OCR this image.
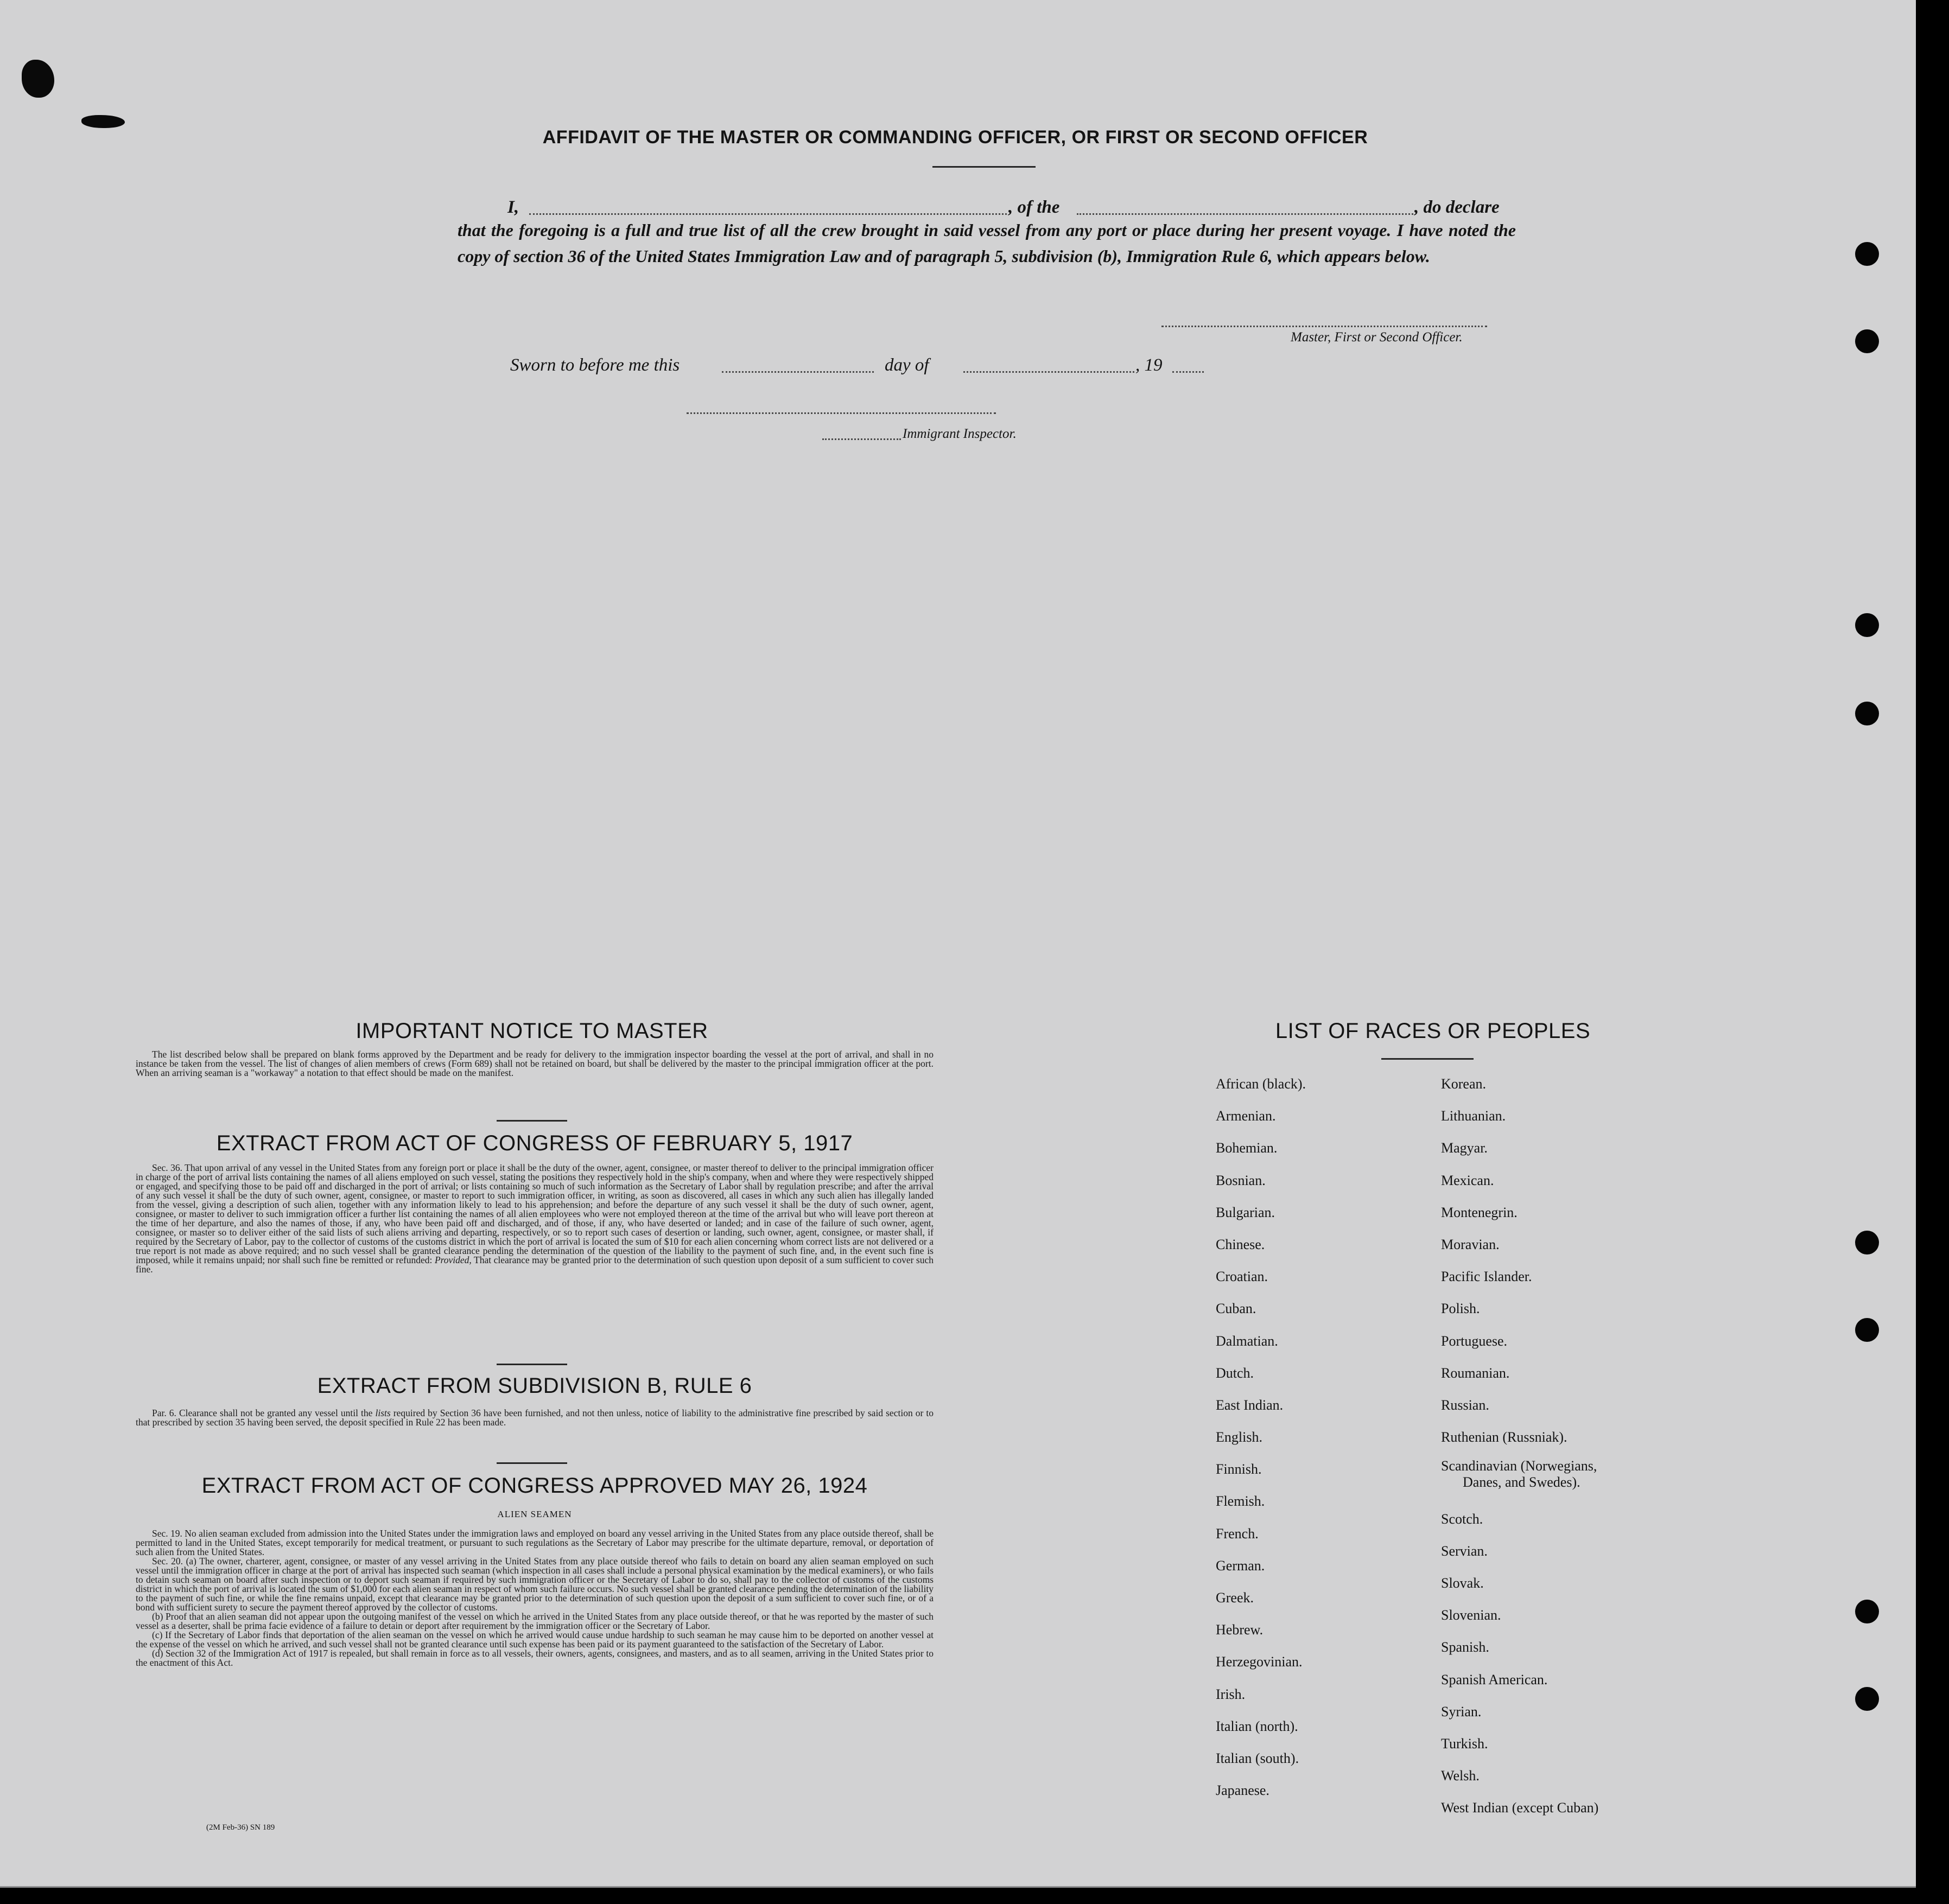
AFFIDAVIT OF THE MASTER OR COMMANDING OFFICER, OR FIRST OR SECOND OFFICER
I,	, of the	, do declare
that the foregoing is a full and true list of all the crew brought in said vessel from any port or place during her present voyage. I have noted the copy of section 36 of the United States Immigration Law and of paragraph 5, subdivision (b), Immigration Rule 6, which appears below.
Master, First or Second Officer.
Sworn to before me this	day of	, 19
Immigrant Inspector.
IMPORTANT NOTICE TO MASTER

The list described below shall be prepared on blank forms approved by the Department and be ready for delivery to the immigration inspector boarding the vessel at the port of arrival, and shall in no instance be taken from the vessel. The list of changes of alien members of crews (Form 689) shall not be retained on board, but shall be delivered by the master to the principal immigration officer at the port. When an arriving seaman is a "workaway" a notation to that effect should be made on the manifest.

EXTRACT FROM ACT OF CONGRESS OF FEBRUARY 5, 1917

Sec. 36. That upon arrival of any vessel in the United States from any foreign port or place it shall be the duty of the owner, agent, consignee, or master thereof to deliver to the principal immigration officer in charge of the port of arrival lists containing the names of all aliens employed on such vessel, stating the positions they respectively hold in the ship's company, when and where they were respectively shipped or engaged, and specifying those to be paid off and discharged in the port of arrival; or lists containing so much of such information as the Secretary of Labor shall by regulation prescribe; and after the arrival of any such vessel it shall be the duty of such owner, agent, consignee, or master to report to such immigration officer, in writing, as soon as discovered, all cases in which any such alien has illegally landed from the vessel, giving a description of such alien, together with any information likely to lead to his apprehension; and before the departure of any such vessel it shall be the duty of such owner, agent, consignee, or master to deliver to such immigration officer a further list containing the names of all alien employees who were not employed thereon at the time of the arrival but who will leave port thereon at the time of her departure, and also the names of those, if any, who have been paid off and discharged, and of those, if any, who have deserted or landed; and in case of the failure of such owner, agent, consignee, or master so to deliver either of the said lists of such aliens arriving and departing, respectively, or so to report such cases of desertion or landing, such owner, agent, consignee, or master shall, if required by the Secretary of Labor, pay to the collector of customs of the customs district in which the port of arrival is located the sum of $10 for each alien concerning whom correct lists are not delivered or a true report is not made as above required; and no such vessel shall be granted clearance pending the determination of the question of the liability to the payment of such fine, and, in the event such fine is imposed, while it remains unpaid; nor shall such fine be remitted or refunded: Provided, That clearance may be granted prior to the determination of such question upon deposit of a sum sufficient to cover such fine.

EXTRACT FROM SUBDIVISION B, RULE 6

Par. 6. Clearance shall not be granted any vessel until the lists required by Section 36 have been furnished, and not then unless, notice of liability to the administrative fine prescribed by said section or to that prescribed by section 35 having been served, the deposit specified in Rule 22 has been made.

EXTRACT FROM ACT OF CONGRESS APPROVED MAY 26, 1924
ALIEN SEAMEN

Sec. 19. No alien seaman excluded from admission into the United States under the immigration laws and employed on board any vessel arriving in the United States from any place outside thereof, shall be permitted to land in the United States, except temporarily for medical treatment, or pursuant to such regulations as the Secretary of Labor may prescribe for the ultimate departure, removal, or deportation of such alien from the United States.

Sec. 20. (a) The owner, charterer, agent, consignee, or master of any vessel arriving in the United States from any place outside thereof who fails to detain on board any alien seaman employed on such vessel until the immigration officer in charge at the port of arrival has inspected such seaman (which inspection in all cases shall include a personal physical examination by the medical examiners), or who fails to detain such seaman on board after such inspection or to deport such seaman if required by such immigration officer or the Secretary of Labor to do so, shall pay to the collector of customs of the customs district in which the port of arrival is located the sum of $1,000 for each alien seaman in respect of whom such failure occurs. No such vessel shall be granted clearance pending the determination of the liability to the payment of such fine, or while the fine remains unpaid, except that clearance may be granted prior to the determination of such question upon the deposit of a sum sufficient to cover such fine, or of a bond with sufficient surety to secure the payment thereof approved by the collector of customs.

(b) Proof that an alien seaman did not appear upon the outgoing manifest of the vessel on which he arrived in the United States from any place outside thereof, or that he was reported by the master of such vessel as a deserter, shall be prima facie evidence of a failure to detain or deport after requirement by the immigration officer or the Secretary of Labor.

(c) If the Secretary of Labor finds that deportation of the alien seaman on the vessel on which he arrived would cause undue hardship to such seaman he may cause him to be deported on another vessel at the expense of the vessel on which he arrived, and such vessel shall not be granted clearance until such expense has been paid or its payment guaranteed to the satisfaction of the Secretary of Labor.

(d) Section 32 of the Immigration Act of 1917 is repealed, but shall remain in force as to all vessels, their owners, agents, consignees, and masters, and as to all seamen, arriving in the United States prior to the enactment of this Act.

(2M Feb-36) SN 189
LIST OF RACES OR PEOPLES
African (black).
Armenian.
Bohemian.
Bosnian.
Bulgarian.
Chinese.
Croatian.
Cuban.
Dalmatian.
Dutch.
East Indian.
English.
Finnish.
Flemish.
French.
German.
Greek.
Hebrew.
Herzegovinian.
Irish.
Italian (north).
Italian (south).
Japanese.
Korean.
Lithuanian.
Magyar.
Mexican.
Montenegrin.
Moravian.
Pacific Islander.
Polish.
Portuguese.
Roumanian.
Russian.
Ruthenian (Russniak).
Scandinavian (Norwegians,
Danes, and Swedes).
Scotch.
Servian.
Slovak.
Slovenian.
Spanish.
Spanish American.
Syrian.
Turkish.
Welsh.
West Indian (except Cuban)
